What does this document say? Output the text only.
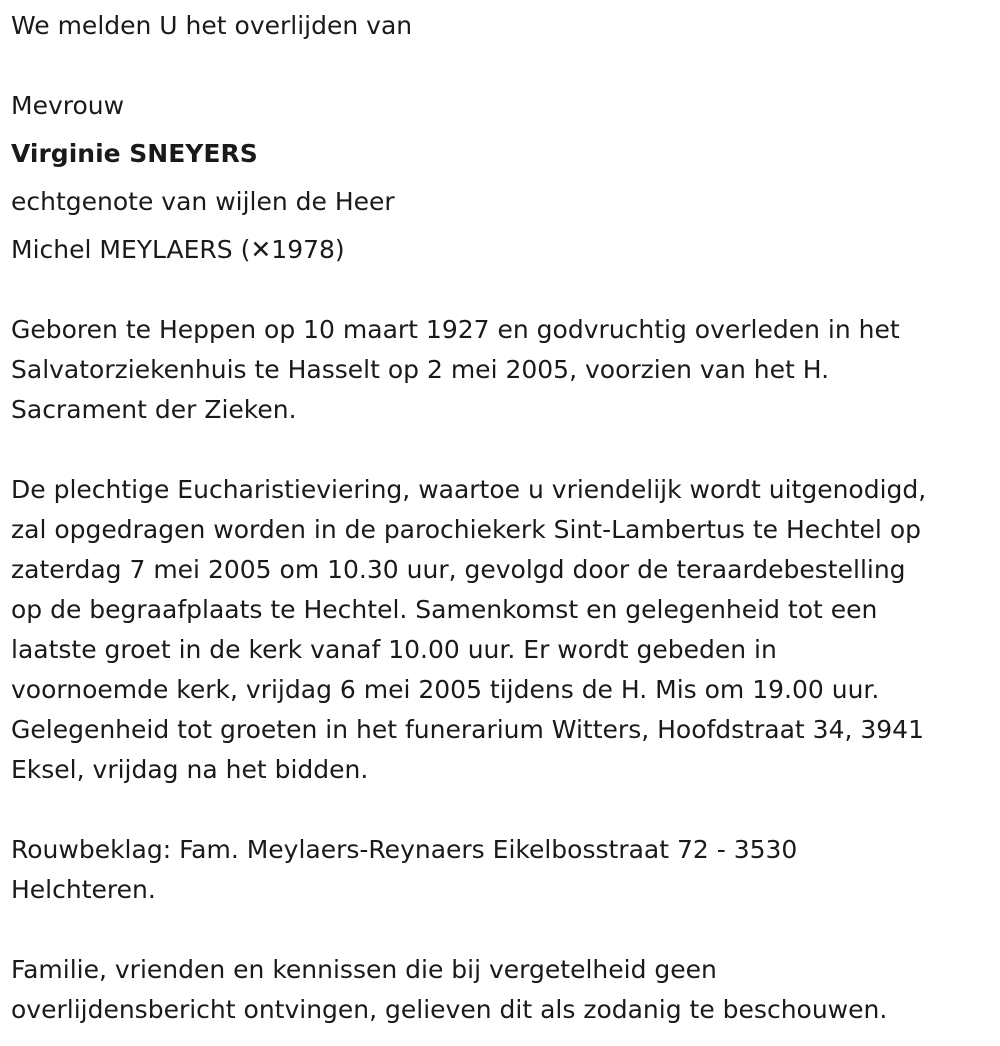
We melden U het overlijden van
Mevrouw
Virginie SNEYERS
echtgenote van wijlen de Heer
Michel MEYLAERS (✕1978)
Geboren te Heppen op 10 maart 1927 en godvruchtig overleden in het
Salvatorziekenhuis te Hasselt op 2 mei 2005, voorzien van het H.
Sacrament der Zieken.
De plechtige Eucharistieviering, waartoe u vriendelijk wordt uitgenodigd,
zal opgedragen worden in de parochiekerk Sint-Lambertus te Hechtel op
zaterdag 7 mei 2005 om 10.30 uur, gevolgd door de teraardebestelling
op de begraafplaats te Hechtel. Samenkomst en gelegenheid tot een
laatste groet in de kerk vanaf 10.00 uur. Er wordt gebeden in
voornoemde kerk, vrijdag 6 mei 2005 tijdens de H. Mis om 19.00 uur.
Gelegenheid tot groeten in het funerarium Witters, Hoofdstraat 34, 3941
Eksel, vrijdag na het bidden.
Rouwbeklag: Fam. Meylaers-Reynaers Eikelbosstraat 72 - 3530
Helchteren.
Familie, vrienden en kennissen die bij vergetelheid geen
overlijdensbericht ontvingen, gelieven dit als zodanig te beschouwen.
